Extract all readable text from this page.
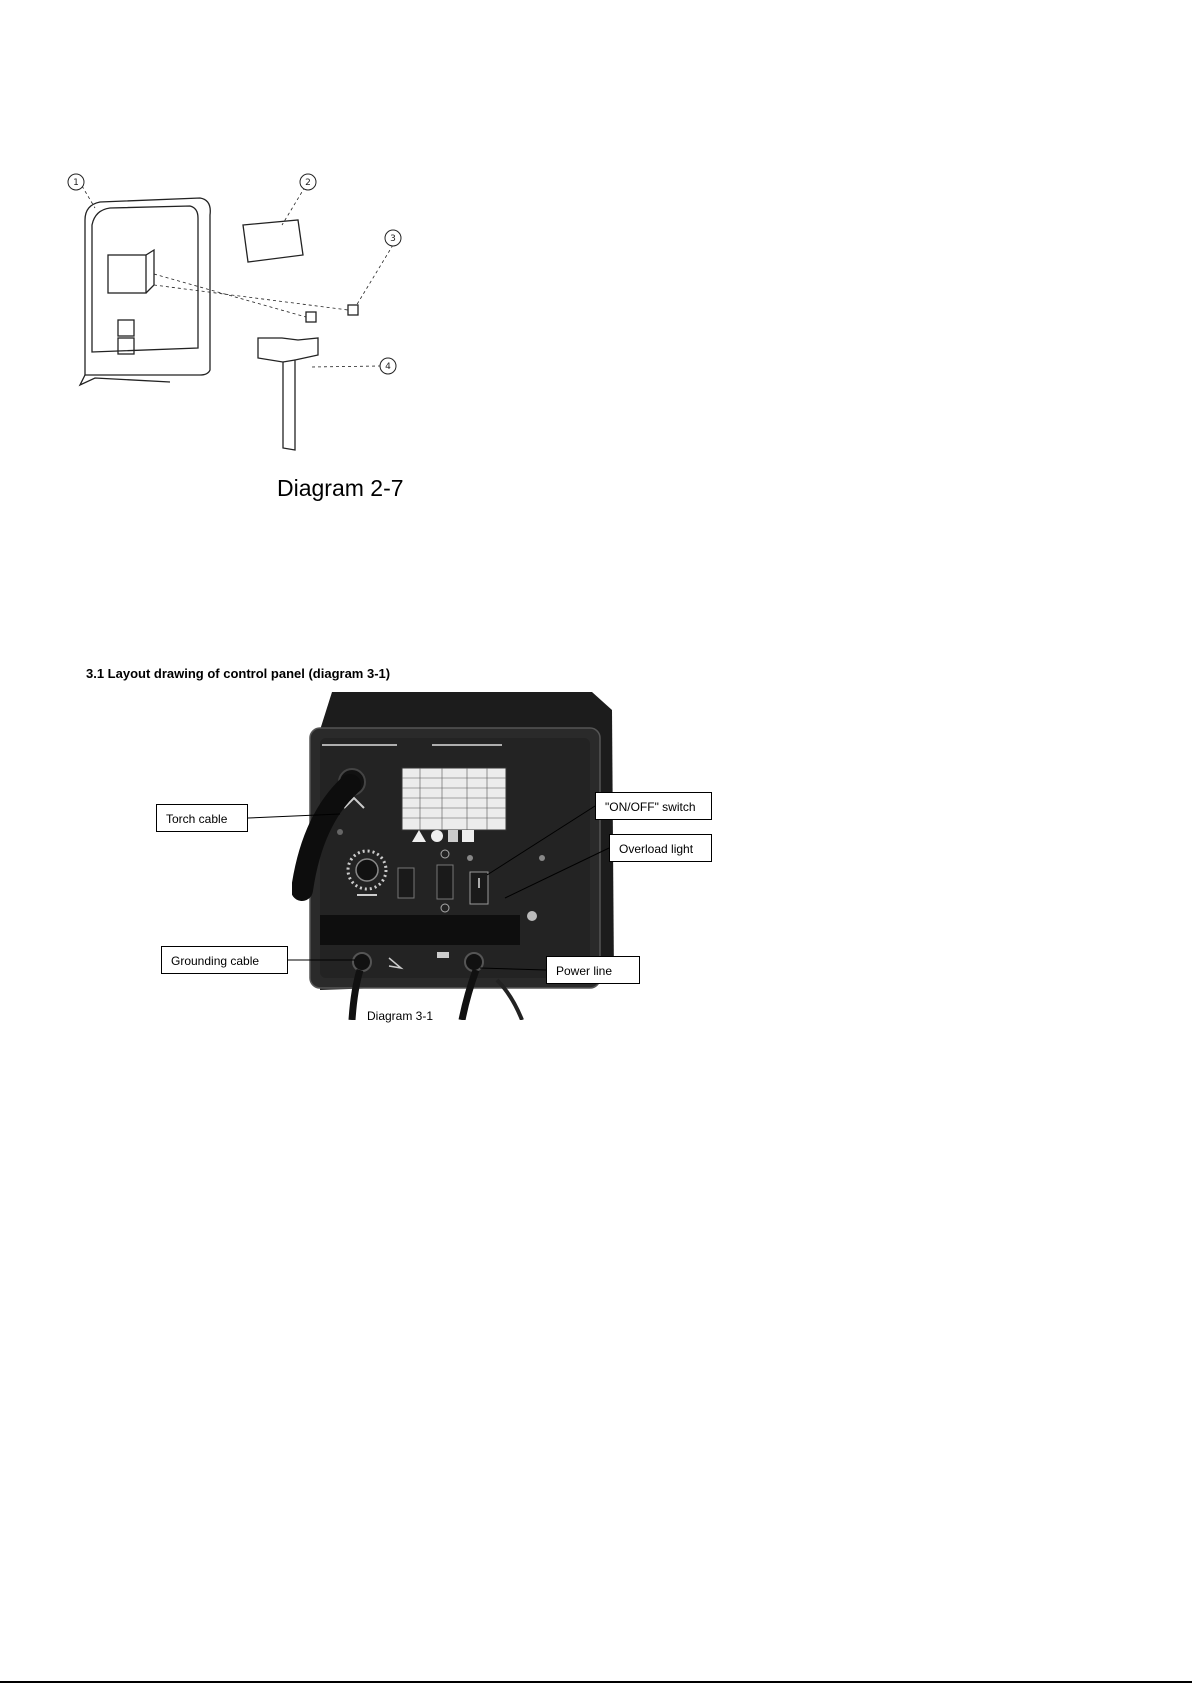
1	2
3
4
Diagram 2-7
3.1 Layout drawing of control panel (diagram 3-1)
Diagram 3-1
Torch cable
Grounding cable
"ON/OFF" switch
Overload light
Power line
